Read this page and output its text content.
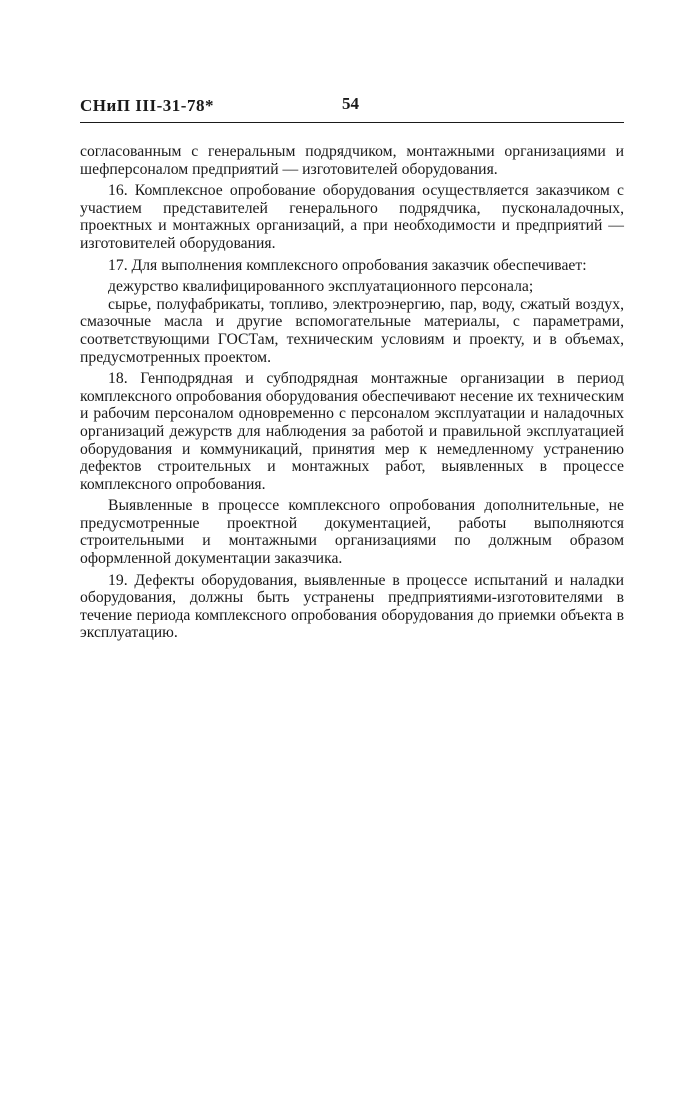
СНиП III-31-78*	54

согласованным с генеральным подрядчиком, монтажными организациями и шефперсоналом предприятий — изготовителей оборудования.

16. Комплексное опробование оборудования осуществляется заказчиком с участием представителей генерального подрядчика, пусконаладочных, проектных и монтажных организаций, а при необходимости и предприятий — изготовителей оборудования.

17. Для выполнения комплексного опробования заказчик обеспечивает:

дежурство квалифицированного эксплуатационного персонала;

сырье, полуфабрикаты, топливо, электроэнергию, пар, воду, сжатый воздух, смазочные масла и другие вспомогательные материалы, с параметрами, соответствующими ГОСТам, техническим условиям и проекту, и в объемах, предусмотренных проектом.

18. Генподрядная и субподрядная монтажные организации в период комплексного опробования оборудования обеспечивают несение их техническим и рабочим персоналом одновременно с персоналом эксплуатации и наладочных организаций дежурств для наблюдения за работой и правильной эксплуатацией оборудования и коммуникаций, принятия мер к немедленному устранению дефектов строительных и монтажных работ, выявленных в процессе комплексного опробования.

Выявленные в процессе комплексного опробования дополнительные, не предусмотренные проектной документацией, работы выполняются строительными и монтажными организациями по должным образом оформленной документации заказчика.

19. Дефекты оборудования, выявленные в процессе испытаний и наладки оборудования, должны быть устранены предприятиями-изготовителями в течение периода комплексного опробования оборудования до приемки объекта в эксплуатацию.
